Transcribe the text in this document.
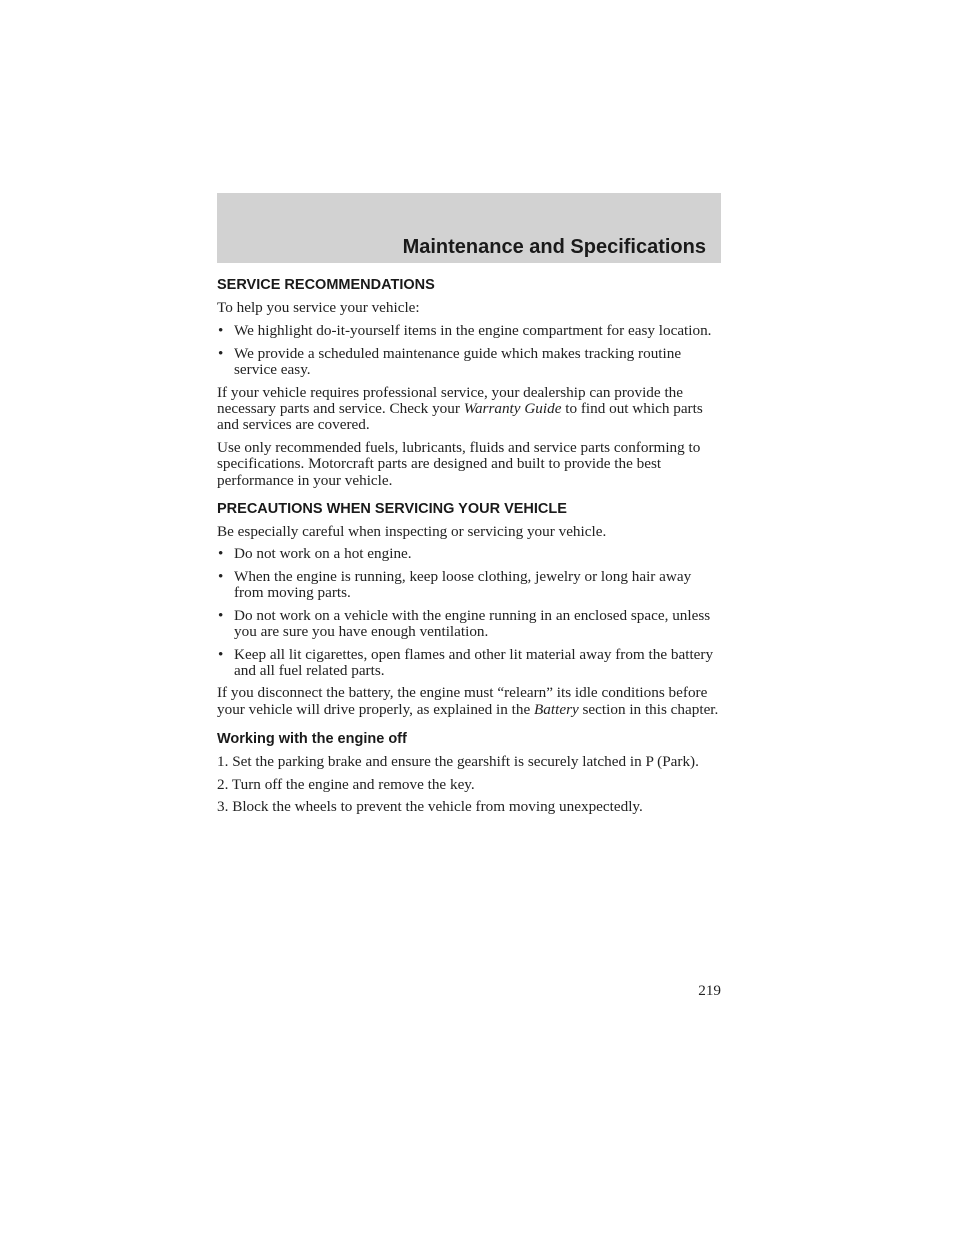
Maintenance and Specifications
SERVICE RECOMMENDATIONS

To help you service your vehicle:

• We highlight do-it-yourself items in the engine compartment for easy location.
• We provide a scheduled maintenance guide which makes tracking routine service easy.

If your vehicle requires professional service, your dealership can provide the necessary parts and service. Check your Warranty Guide to find out which parts and services are covered.

Use only recommended fuels, lubricants, fluids and service parts conforming to specifications. Motorcraft parts are designed and built to provide the best performance in your vehicle.

PRECAUTIONS WHEN SERVICING YOUR VEHICLE

Be especially careful when inspecting or servicing your vehicle.

• Do not work on a hot engine.
• When the engine is running, keep loose clothing, jewelry or long hair away from moving parts.
• Do not work on a vehicle with the engine running in an enclosed space, unless you are sure you have enough ventilation.
• Keep all lit cigarettes, open flames and other lit material away from the battery and all fuel related parts.

If you disconnect the battery, the engine must “relearn” its idle conditions before your vehicle will drive properly, as explained in the Battery section in this chapter.

Working with the engine off

1. Set the parking brake and ensure the gearshift is securely latched in P (Park).

2. Turn off the engine and remove the key.

3. Block the wheels to prevent the vehicle from moving unexpectedly.

219
